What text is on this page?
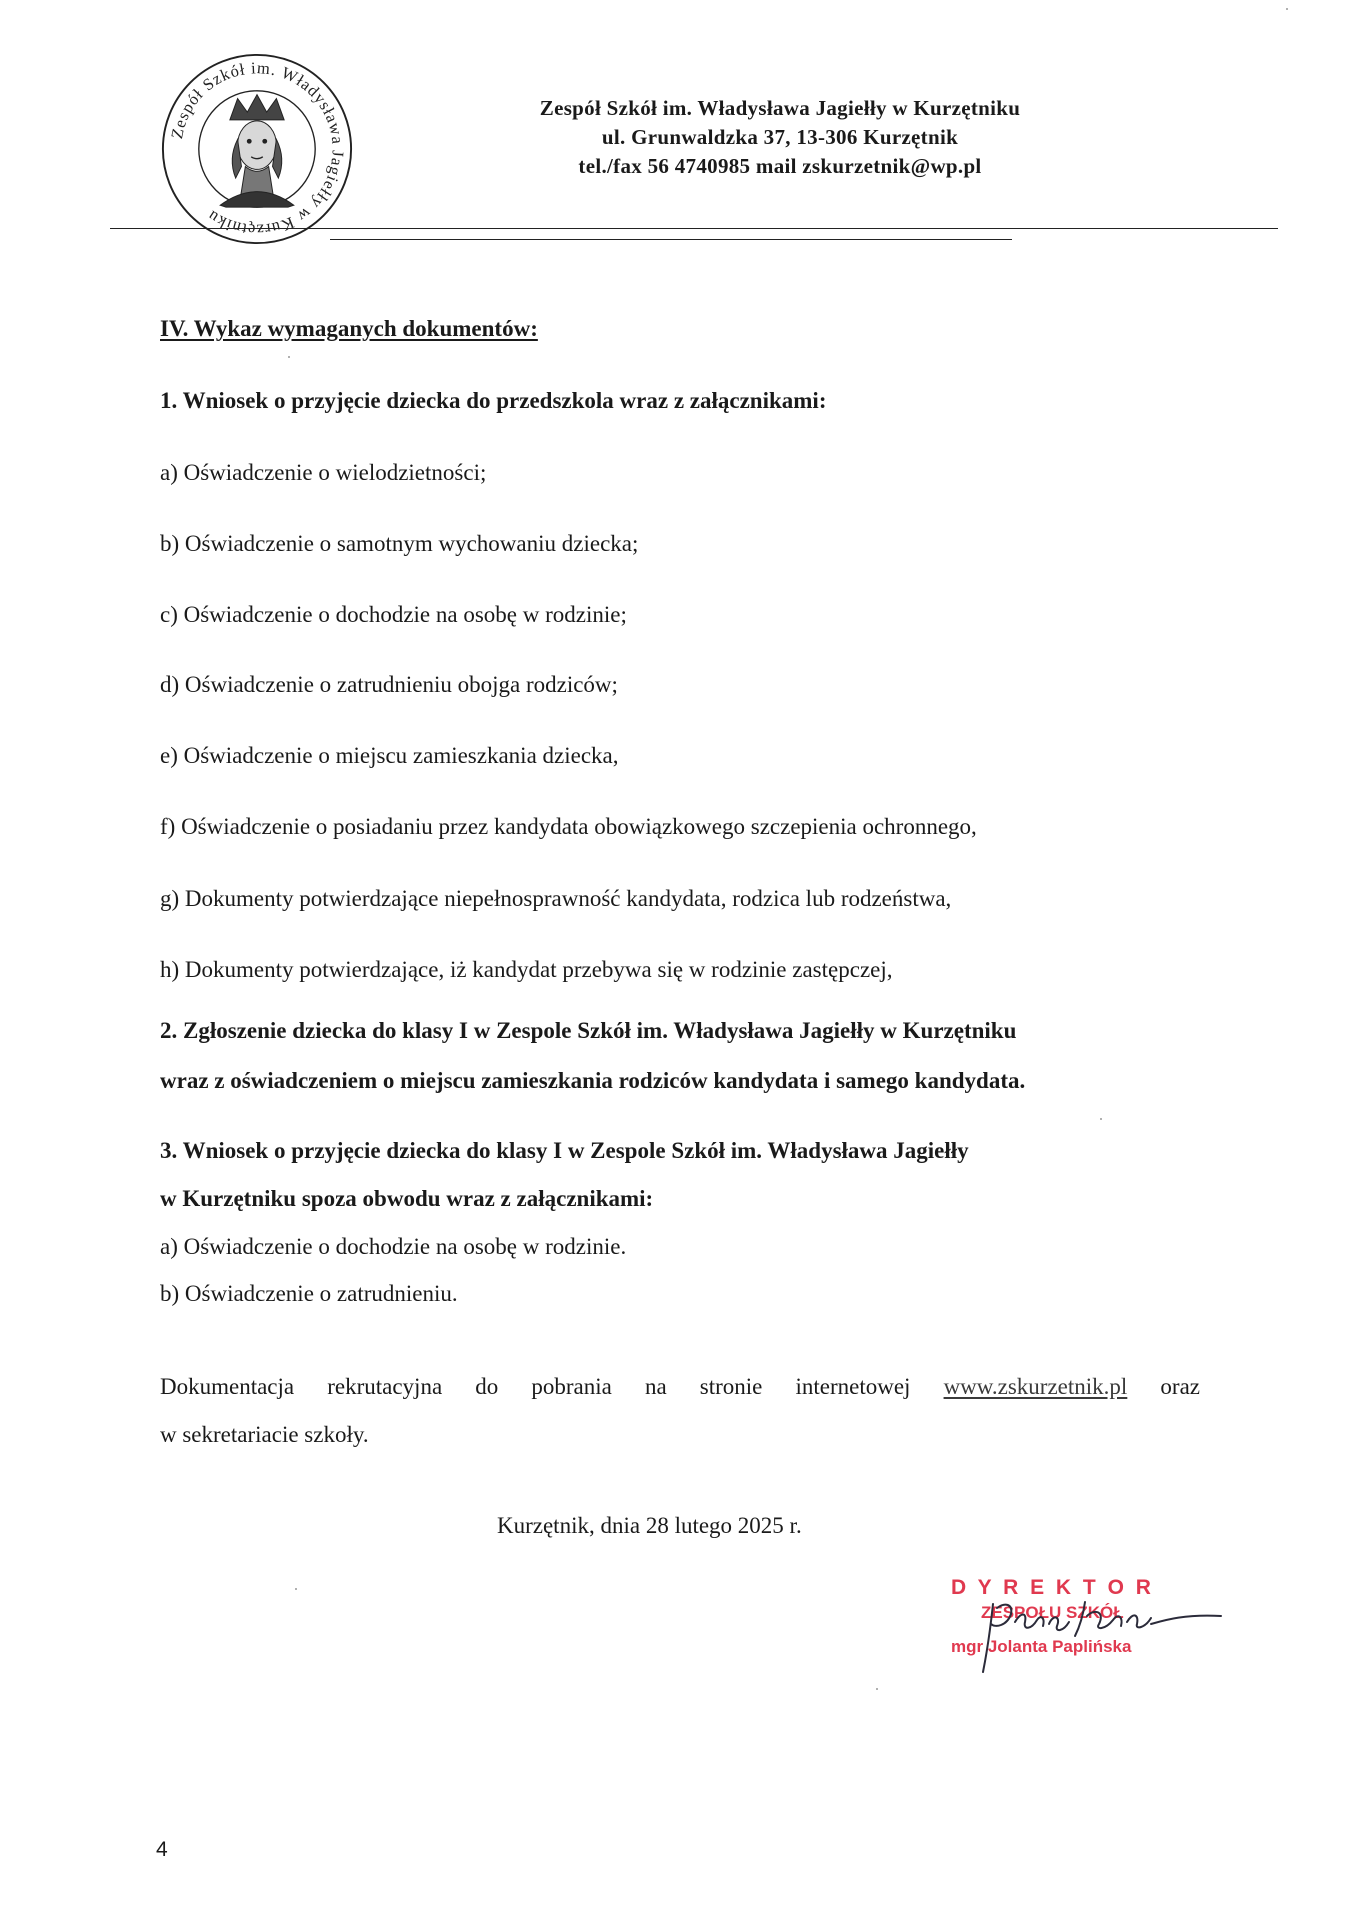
Zespół Szkół im. Władysława Jagiełły w Kurzętniku
Zespół Szkół im. Władysława Jagiełły w Kurzętniku
ul. Grunwaldzka 37, 13-306 Kurzętnik
tel./fax 56 4740985 mail zskurzetnik@wp.pl
IV. Wykaz wymaganych dokumentów:
1. Wniosek o przyjęcie dziecka do przedszkola wraz z załącznikami:
a) Oświadczenie o wielodzietności;
b) Oświadczenie o samotnym wychowaniu dziecka;
c) Oświadczenie o dochodzie na osobę w rodzinie;
d) Oświadczenie o zatrudnieniu obojga rodziców;
e) Oświadczenie o miejscu zamieszkania dziecka,
f) Oświadczenie o posiadaniu przez kandydata obowiązkowego szczepienia ochronnego,
g) Dokumenty potwierdzające niepełnosprawność kandydata, rodzica lub rodzeństwa,
h) Dokumenty potwierdzające, iż kandydat przebywa się w rodzinie zastępczej,
2. Zgłoszenie dziecka do klasy I w Zespole Szkół im. Władysława Jagiełły w Kurzętniku
wraz z oświadczeniem o miejscu zamieszkania rodziców kandydata i samego kandydata.
3. Wniosek o przyjęcie dziecka do klasy I w Zespole Szkół im. Władysława Jagiełły
w Kurzętniku spoza obwodu wraz z załącznikami:
a) Oświadczenie o dochodzie na osobę w rodzinie.
b) Oświadczenie o zatrudnieniu.
Dokumentacja rekrutacyjna do pobrania na stronie internetowej www.zskurzetnik.pl oraz
w sekretariacie szkoły.
Kurzętnik, dnia 28 lutego 2025 r.
D Y R E K T O R
ZESPOŁU SZKÓŁ
mgr Jolanta Paplińska
4
